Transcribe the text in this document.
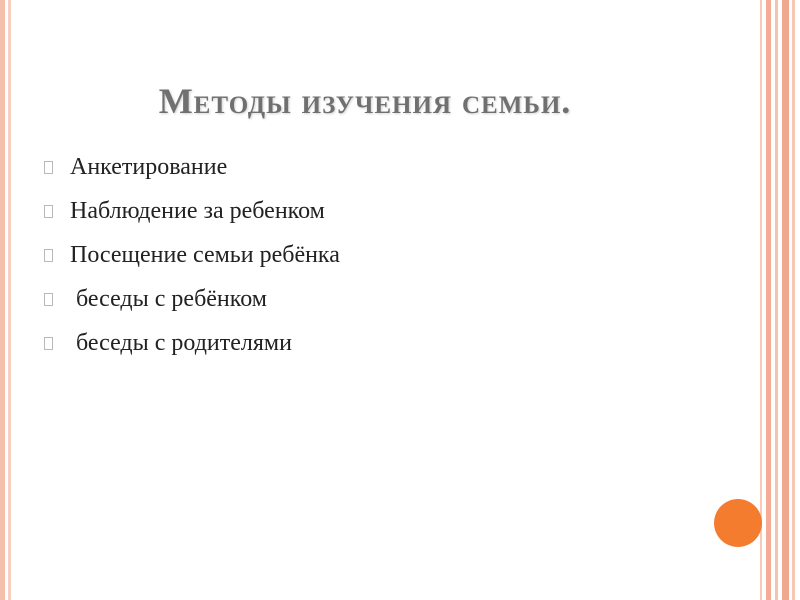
Методы изучения семьи.
Анкетирование
Наблюдение за ребенком
Посещение семьи ребёнка
беседы с ребёнком
беседы с родителями
